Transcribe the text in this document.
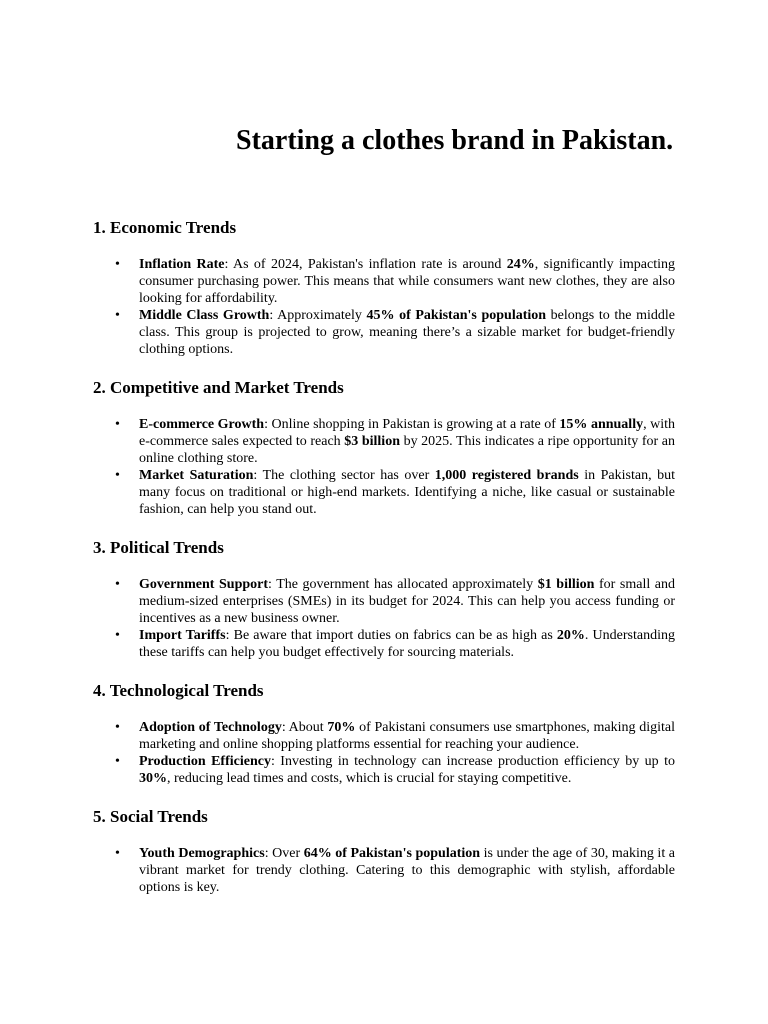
Starting a clothes brand in Pakistan.
1. Economic Trends
• Inflation Rate: As of 2024, Pakistan's inflation rate is around 24%, significantly impacting consumer purchasing power. This means that while consumers want new clothes, they are also looking for affordability.
• Middle Class Growth: Approximately 45% of Pakistan's population belongs to the middle class. This group is projected to grow, meaning there’s a sizable market for budget-friendly clothing options.
2. Competitive and Market Trends
• E-commerce Growth: Online shopping in Pakistan is growing at a rate of 15% annually, with e-commerce sales expected to reach $3 billion by 2025. This indicates a ripe opportunity for an online clothing store.
• Market Saturation: The clothing sector has over 1,000 registered brands in Pakistan, but many focus on traditional or high-end markets. Identifying a niche, like casual or sustainable fashion, can help you stand out.
3. Political Trends
• Government Support: The government has allocated approximately $1 billion for small and medium-sized enterprises (SMEs) in its budget for 2024. This can help you access funding or incentives as a new business owner.
• Import Tariffs: Be aware that import duties on fabrics can be as high as 20%. Understanding these tariffs can help you budget effectively for sourcing materials.
4. Technological Trends
• Adoption of Technology: About 70% of Pakistani consumers use smartphones, making digital marketing and online shopping platforms essential for reaching your audience.
• Production Efficiency: Investing in technology can increase production efficiency by up to 30%, reducing lead times and costs, which is crucial for staying competitive.
5. Social Trends
• Youth Demographics: Over 64% of Pakistan's population is under the age of 30, making it a vibrant market for trendy clothing. Catering to this demographic with stylish, affordable options is key.
